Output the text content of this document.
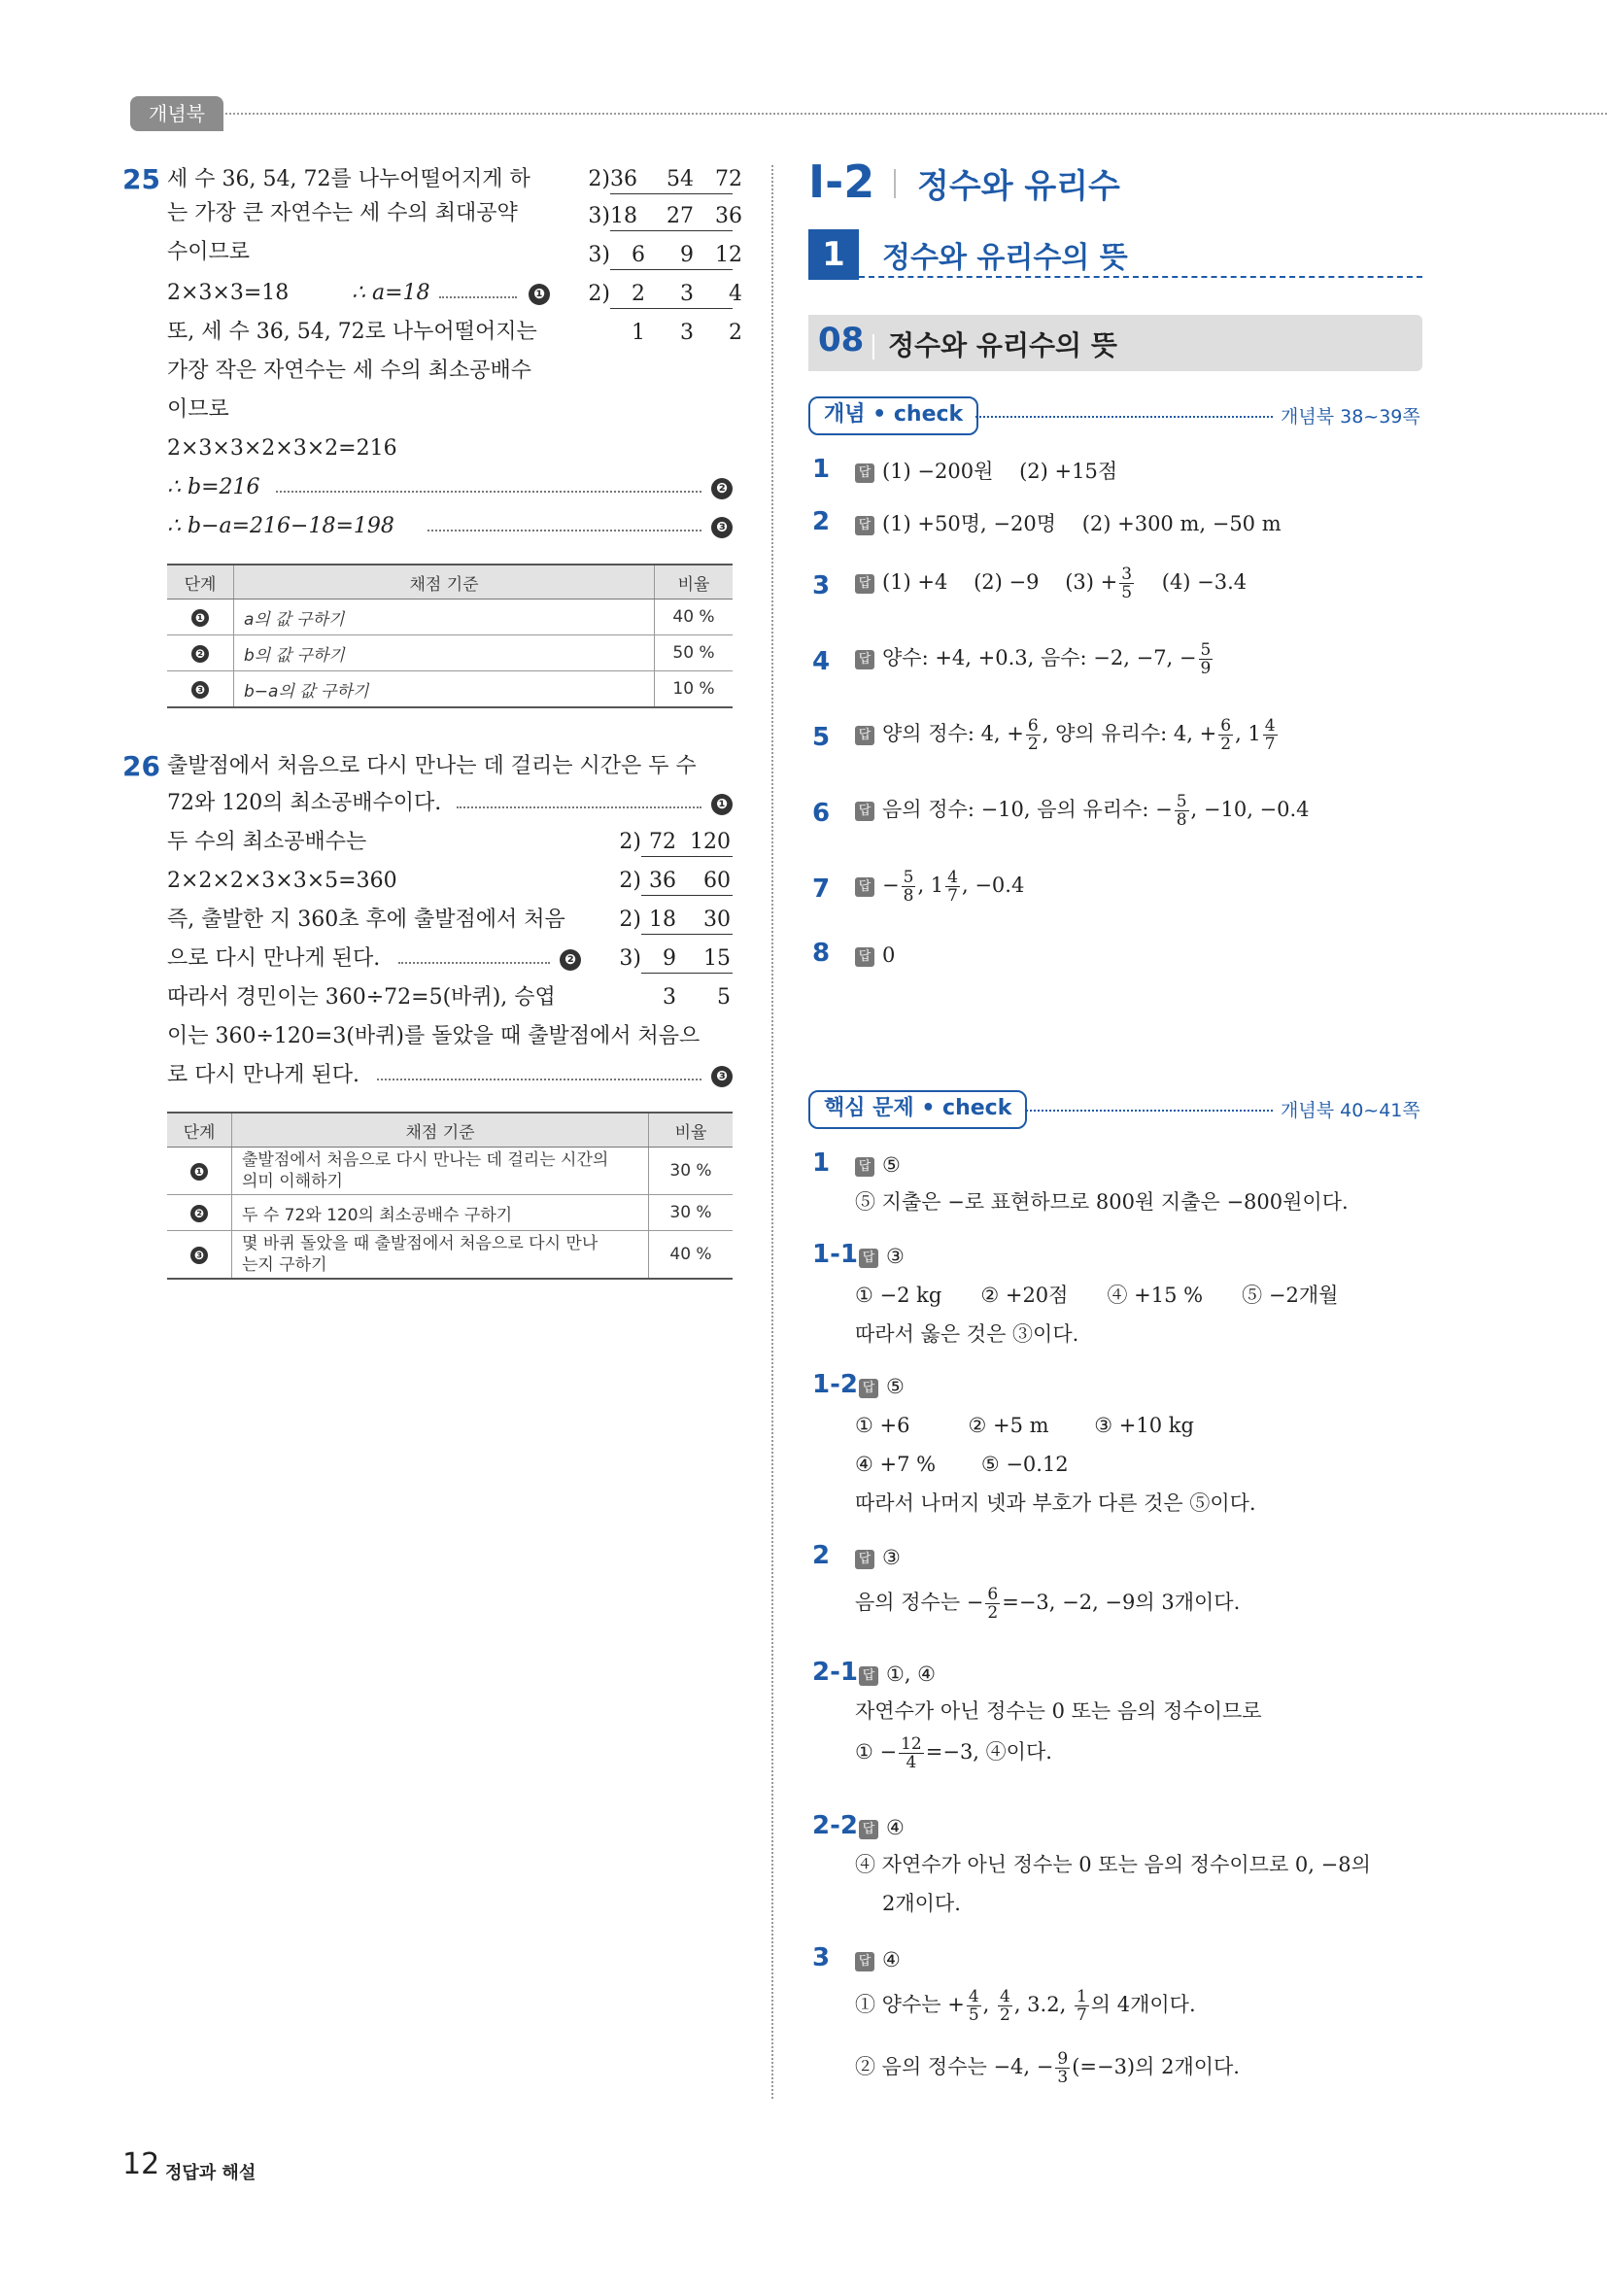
개념북
25 세 수 36, 54, 72를 나누어떨어지게 하
는 가장 큰 자연수는 세 수의 최대공약
수이므로
2×3×3=18	∴ a=18	❶
또, 세 수 36, 54, 72로 나누어떨어지는
가장 작은 자연수는 세 수의 최소공배수
이므로
2×3×3×2×3×2=216
∴ b=216	❷
∴ b−a=216−18=198	❸
2)36 54 72
3)18 27 36
3) 6 9 12
2) 2 3 4
1 3 2
단계	채점 기준	비율
❶	a의 값 구하기	40 %
❷	b의 값 구하기	50 %
❸	b−a의 값 구하기	10 %
26 출발점에서 처음으로 다시 만나는 데 걸리는 시간은 두 수
72와 120의 최소공배수이다.	❶
두 수의 최소공배수는
2×2×2×3×3×5=360
즉, 출발한 지 360초 후에 출발점에서 처음
으로 다시 만나게 된다.	❷
따라서 경민이는 360÷72=5(바퀴), 승엽
이는 360÷120=3(바퀴)를 돌았을 때 출발점에서 처음으
로 다시 만나게 된다.	❸
2) 72 120
2) 36 60
2) 18 30
3) 9 15
3 5
단계	채점 기준	비율
❶	출발점에서 처음으로 다시 만나는 데 걸리는 시간의
의미 이해하기	30 %
❷	두 수 72와 120의 최소공배수 구하기	30 %
❸	몇 바퀴 돌았을 때 출발점에서 처음으로 다시 만나
는지 구하기	40 %
Ⅰ-2 정수와 유리수
1	정수와 유리수의 뜻
08 정수와 유리수의 뜻
개념 • check	개념북 38~39쪽
1 답 (1) −200원 (2) +15점
2 답 (1) +50명, −20명 (2) +300 m, −50 m
3 답 (1) +4 (2) −9 $(3) + \frac{3}{5} (4) -3.4$
4 답 양수: +4, +0.3, 음수: −2, −7, − $\frac{5}{9}$
5 답 양의 정수: 4, + $\frac{6}{2}$ , 양의 유리수: 4, + $\frac{6}{2}$ , $1 \frac{4}{7}$
6 답 음의 정수: −10, 음의 유리수: − $\frac{5}{8}$ , −10, −0.4
7 답 − $\frac{5}{8}$ , $1 \frac{4}{7}$ , −0.4
8 답 0
핵심 문제 • check	개념북 40~41쪽
1 답 ⑤
⑤ 지출은 −로 표현하므로 800원 지출은 −800원이다.
1-1 답 ③
① −2 kg      ② +20점      ④ +15 %      ⑤ −2개월
따라서 옳은 것은 ③이다.
1-2 답 ⑤
① +6         ② +5 m       ③ +10 kg
④ +7 %       ⑤ −0.12
따라서 나머지 넷과 부호가 다른 것은 ⑤이다.
2 답 ③
음의 정수는 − $\frac{6}{2} =-3$, −2, −9의 3개이다.
2-1 답 ①, ④
자연수가 아닌 정수는 0 또는 음의 정수이므로
① − $\frac{12}{4} =-3$, ④이다.
2-2 답 ④
④ 자연수가 아닌 정수는 0 또는 음의 정수이므로 0, −8의
2개이다.
3 답 ④
① 양수는 + $\frac{4}{5}$ , $\frac{4}{2}$ , 3.2, $\frac{1}{7}$ 의 4개이다.
② 음의 정수는 −4, − $\frac{9}{3} (=-3)$의 2개이다.
12 정답과 해설
